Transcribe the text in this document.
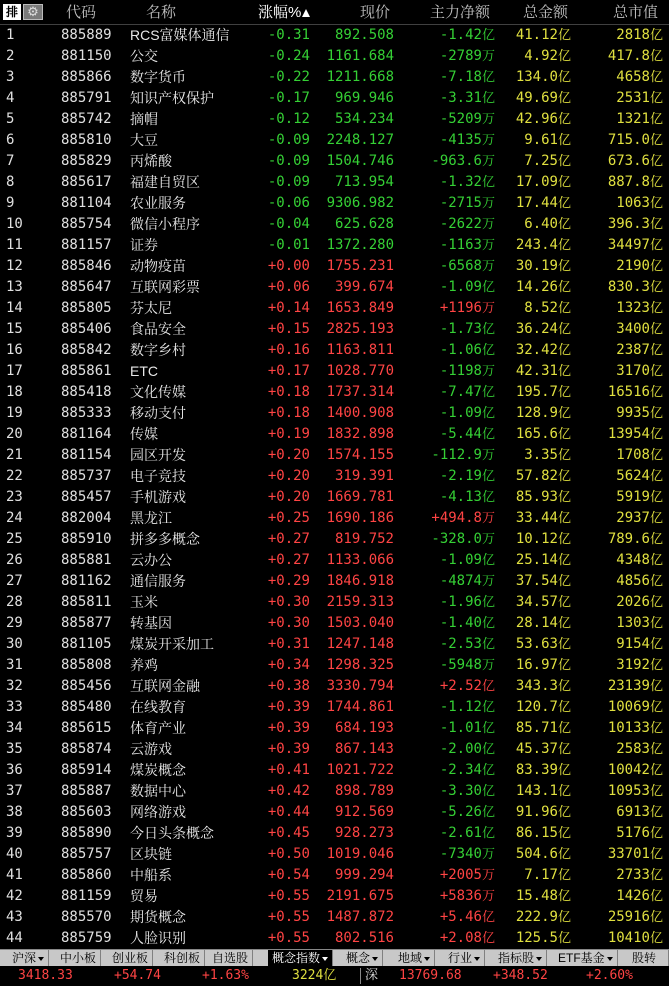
排 ⚙ 代码	名称	涨幅%	现价	主力净额 总金额	总市值
1	885889 RCS富媒体通信	-0.31 892.508	-1.42亿 41.12亿	2818亿
2	881150 公交	-0.24 1161.684	-2789万 4.92亿	417.8亿
3	885866 数字货币	-0.22 1211.668	-7.18亿 134.0亿	4658亿
4	885791 知识产权保护	-0.17 969.946	-3.31亿 49.69亿	2531亿
5	885742 摘帽	-0.12 534.234	-5209万 42.96亿	1321亿
6	885810 大豆	-0.09 2248.127	-4135万 9.61亿	715.0亿
7	885829 丙烯酸	-0.09 1504.746	-963.6万 7.25亿	673.6亿
8	885617 福建自贸区	-0.09 713.954	-1.32亿 17.09亿	887.8亿
9	881104 农业服务	-0.06 9306.982	-2715万 17.44亿	1063亿
10	885754 微信小程序	-0.04 625.628	-2622万 6.40亿	396.3亿
11	881157 证券	-0.01 1372.280	-1163万 243.4亿	34497亿
12	885846 动物疫苗	+0.00 1755.231	-6568万 30.19亿	2190亿
13	885647 互联网彩票	+0.06 399.674	-1.09亿 14.26亿	830.3亿
14	885805 芬太尼	+0.14 1653.849	+1196万 8.52亿	1323亿
15	885406 食品安全	+0.15 2825.193	-1.73亿 36.24亿	3400亿
16	885842 数字乡村	+0.16 1163.811	-1.06亿 32.42亿	2387亿
17	885861 ETC	+0.17 1028.770	-1198万 42.31亿	3170亿
18	885418 文化传媒	+0.18 1737.314	-7.47亿 195.7亿	16516亿
19	885333 移动支付	+0.18 1400.908	-1.09亿 128.9亿	9935亿
20	881164 传媒	+0.19 1832.898	-5.44亿 165.6亿	13954亿
21	881154 园区开发	+0.20 1574.155	-112.9万 3.35亿	1708亿
22	885737 电子竞技	+0.20 319.391	-2.19亿 57.82亿	5624亿
23	885457 手机游戏	+0.20 1669.781	-4.13亿 85.93亿	5919亿
24	882004 黑龙江	+0.25 1690.186	+494.8万 33.44亿	2937亿
25	885910 拼多多概念	+0.27 819.752	-328.0万 10.12亿	789.6亿
26	885881 云办公	+0.27 1133.066	-1.09亿 25.14亿	4348亿
27	881162 通信服务	+0.29 1846.918	-4874万 37.54亿	4856亿
28	885811 玉米	+0.30 2159.313	-1.96亿 34.57亿	2026亿
29	885877 转基因	+0.30 1503.040	-1.40亿 28.14亿	1303亿
30	881105 煤炭开采加工	+0.31 1247.148	-2.53亿 53.63亿	9154亿
31	885808 养鸡	+0.34 1298.325	-5948万 16.97亿	3192亿
32	885456 互联网金融	+0.38 3330.794	+2.52亿 343.3亿	23139亿
33	885480 在线教育	+0.39 1744.861	-1.12亿 120.7亿	10069亿
34	885615 体育产业	+0.39 684.193	-1.01亿 85.71亿	10133亿
35	885874 云游戏	+0.39 867.143	-2.00亿 45.37亿	2583亿
36	885914 煤炭概念	+0.41 1021.722	-2.34亿 83.39亿	10042亿
37	885887 数据中心	+0.42 898.789	-3.30亿 143.1亿	10953亿
38	885603 网络游戏	+0.44 912.569	-5.26亿 91.96亿	6913亿
39	885890 今日头条概念	+0.45 928.273	-2.61亿 86.15亿	5176亿
40	885757 区块链	+0.50 1019.046	-7340万 504.6亿	33701亿
41	885860 中船系	+0.54 999.294	+2005万 7.17亿	2733亿
42	881159 贸易	+0.55 2191.675	+5836万 15.48亿	1426亿
43	885570 期货概念	+0.55 1487.872	+5.46亿 222.9亿	25916亿
44	885759 人脸识别	+0.55 802.516	+2.08亿 125.5亿	10410亿
沪深	中小板	创业板	科创板 自选股	概念指数	概念	地域	行业	指标股	ETF基金	股转
3418.33	+54.74	+1.63%	3224亿 深 13769.68 +348.52	+2.60%
